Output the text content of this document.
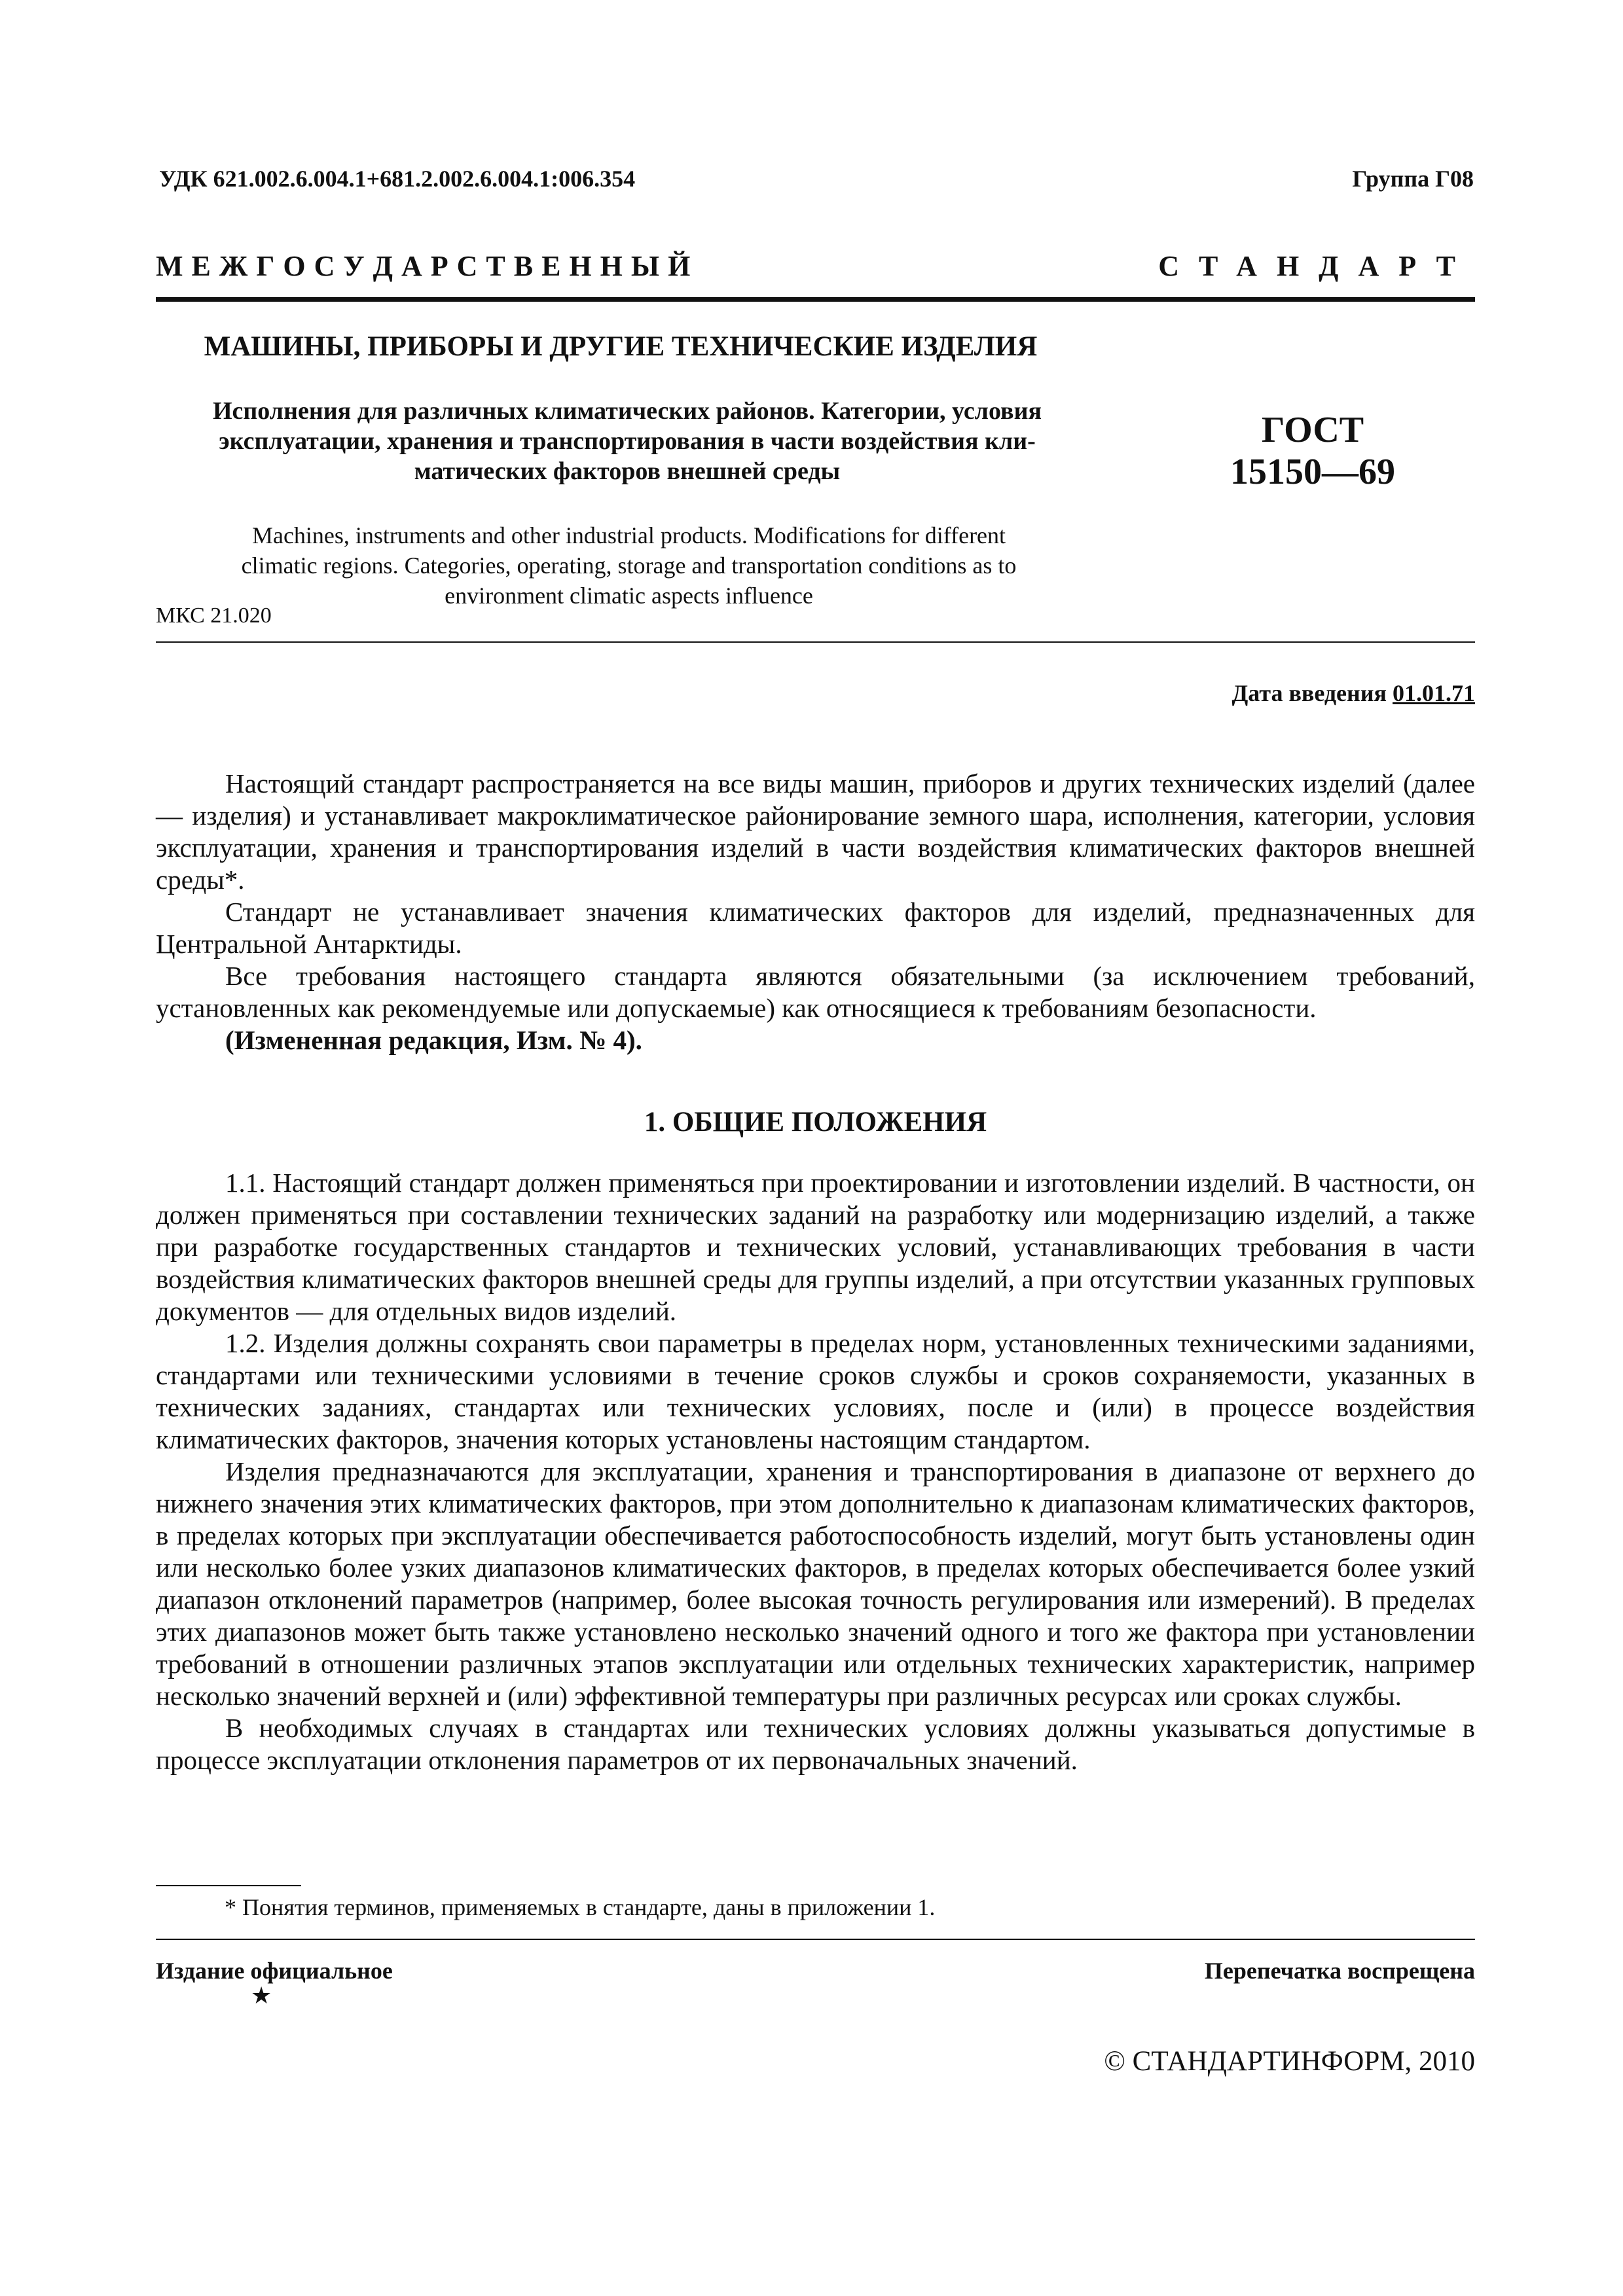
УДК 621.002.6.004.1+681.2.002.6.004.1:006.354	Группа Г08
М Е Ж Г О С У Д А Р С Т В Е Н Н Ы Й	СТАНДАРТ
МАШИНЫ, ПРИБОРЫ И ДРУГИЕ ТЕХНИЧЕСКИЕ ИЗДЕЛИЯ
Исполнения для различных климатических районов. Категории, условия
эксплуатации, хранения и транспортирования в части воздействия кли-
матических факторов внешней среды
ГОСТ
15150—69
Machines, instruments and other industrial products. Modifications for different
climatic regions. Categories, operating, storage and transportation conditions as to
environment climatic aspects influence
МКС 21.020
Дата введения 01.01.71

Настоящий стандарт распространяется на все виды машин, приборов и других технических изделий (далее — изделия) и устанавливает макроклиматическое районирование земного шара, исполнения, категории, условия эксплуатации, хранения и транспортирования изделий в части воздействия климатических факторов внешней среды*.

Стандарт не устанавливает значения климатических факторов для изделий, предназначенных для Центральной Антарктиды.

Все требования настоящего стандарта являются обязательными (за исключением требований, установленных как рекомендуемые или допускаемые) как относящиеся к требованиям безопасности.

(Измененная редакция, Изм. № 4).

1. ОБЩИЕ ПОЛОЖЕНИЯ

1.1. Настоящий стандарт должен применяться при проектировании и изготовлении изделий. В частности, он должен применяться при составлении технических заданий на разработку или модернизацию изделий, а также при разработке государственных стандартов и технических условий, устанавливающих требования в части воздействия климатических факторов внешней среды для группы изделий, а при отсутствии указанных групповых документов — для отдельных видов изделий.

1.2. Изделия должны сохранять свои параметры в пределах норм, установленных техническими заданиями, стандартами или техническими условиями в течение сроков службы и сроков сохраняемости, указанных в технических заданиях, стандартах или технических условиях, после и (или) в процессе воздействия климатических факторов, значения которых установлены настоящим стандартом.

Изделия предназначаются для эксплуатации, хранения и транспортирования в диапазоне от верхнего до нижнего значения этих климатических факторов, при этом дополнительно к диапазонам климатических факторов, в пределах которых при эксплуатации обеспечивается работоспособность изделий, могут быть установлены один или несколько более узких диапазонов климатических факторов, в пределах которых обеспечивается более узкий диапазон отклонений параметров (например, более высокая точность регулирования или измерений). В пределах этих диапазонов может быть также установлено несколько значений одного и того же фактора при установлении требований в отношении различных этапов эксплуатации или отдельных технических характеристик, например несколько значений верхней и (или) эффективной температуры при различных ресурсах или сроках службы.

В необходимых случаях в стандартах или технических условиях должны указываться допустимые в процессе эксплуатации отклонения параметров от их первоначальных значений.

* Понятия терминов, применяемых в стандарте, даны в приложении 1.
Издание официальное
★
Перепечатка воспрещена
© СТАНДАРТИНФОРМ, 2010
